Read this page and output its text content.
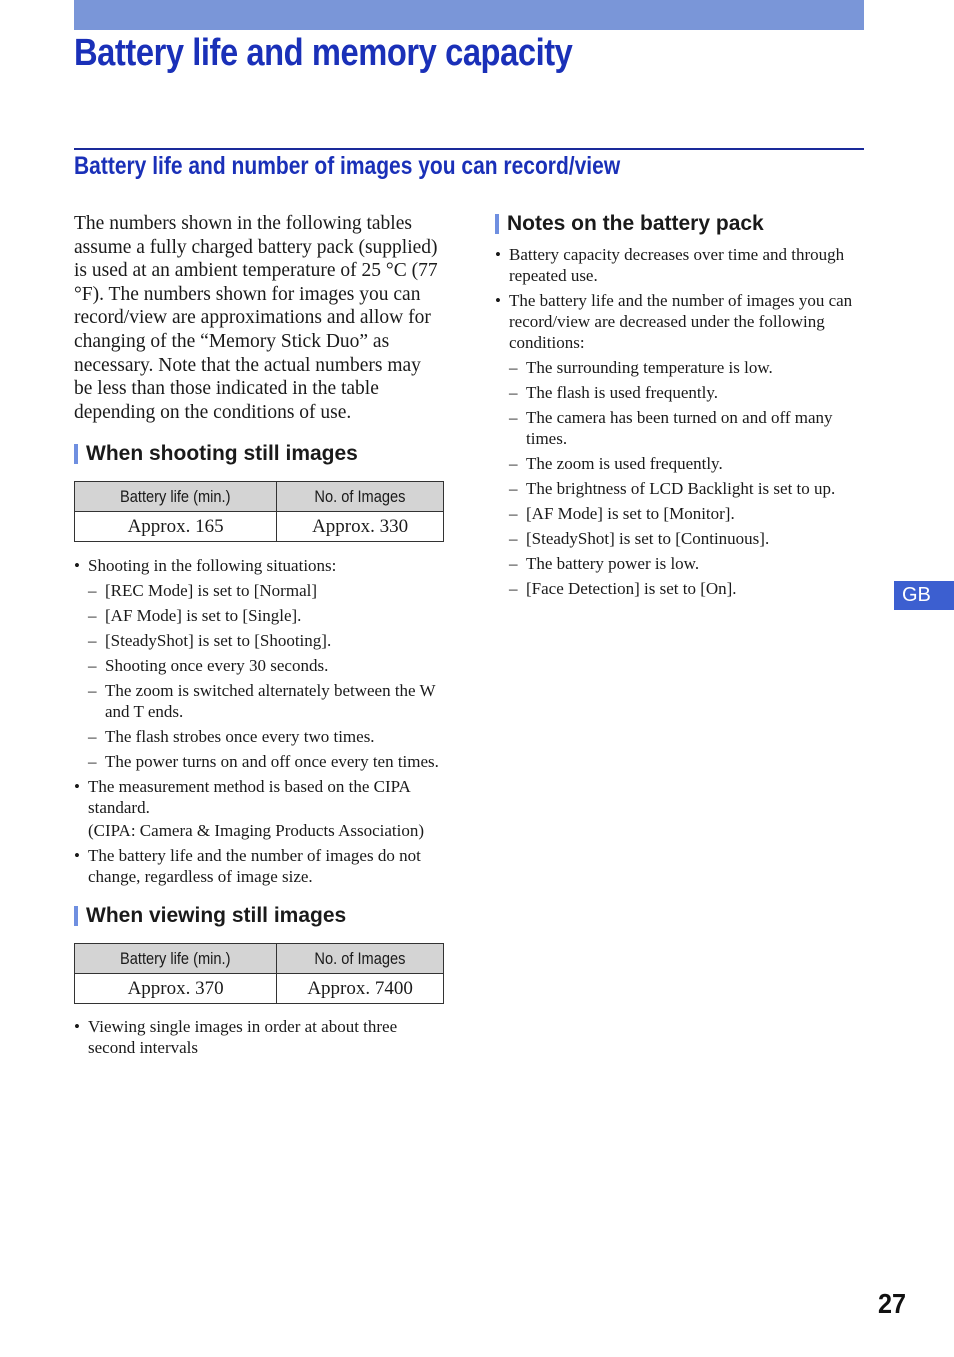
Battery life and memory capacity
Battery life and number of images you can record/view

The numbers shown in the following tables assume a fully charged battery pack (supplied) is used at an ambient temperature of 25 °C (77 °F). The numbers shown for images you can record/view are approximations and allow for changing of the “Memory Stick Duo” as necessary. Note that the actual numbers may be less than those indicated in the table depending on the conditions of use.

When shooting still images
Battery life (min.)	No. of Images
Approx. 165	Approx. 330
• Shooting in the following situations:
– [REC Mode] is set to [Normal]
– [AF Mode] is set to [Single].
– [SteadyShot] is set to [Shooting].
– Shooting once every 30 seconds.
– The zoom is switched alternately between the W and T ends.
– The flash strobes once every two times.
– The power turns on and off once every ten times.
• The measurement method is based on the CIPA standard.

(CIPA: Camera & Imaging Products Association)

• The battery life and the number of images do not change, regardless of image size.
When viewing still images
Battery life (min.)	No. of Images
Approx. 370	Approx. 7400
• Viewing single images in order at about three second intervals
Notes on the battery pack
• Battery capacity decreases over time and through repeated use.
• The battery life and the number of images you can record/view are decreased under the following conditions:
– The surrounding temperature is low.
– The flash is used frequently.
– The camera has been turned on and off many times.
– The zoom is used frequently.
– The brightness of LCD Backlight is set to up.
– [AF Mode] is set to [Monitor].
– [SteadyShot] is set to [Continuous].
– The battery power is low.
– [Face Detection] is set to [On].	GB
27
